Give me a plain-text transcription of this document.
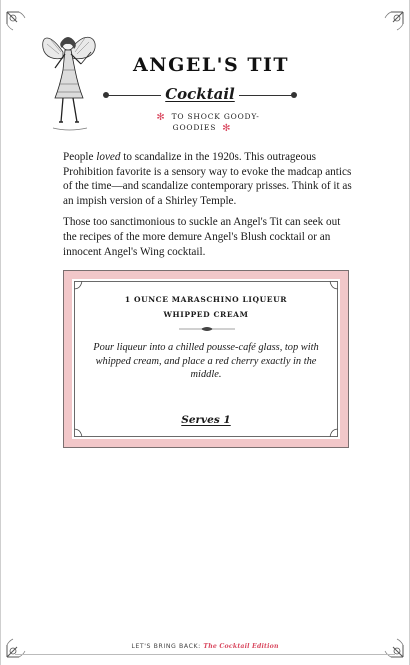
ANGEL'S TIT
Cocktail
✻ TO SHOCK GOODY-GOODIES ✻

People loved to scandalize in the 1920s. This outrageous Prohibition favorite is a sensory way to evoke the madcap antics of the time—and scandalize contemporary prisses. Think of it as an impish version of a Shirley Temple.

Those too sanctimonious to suckle an Angel's Tit can seek out the recipes of the more demure Angel's Blush cocktail or an innocent Angel's Wing cocktail.

1 OUNCE MARASCHINO LIQUEUR
WHIPPED CREAM
Pour liqueur into a chilled pousse-café glass, top with whipped cream, and place a red cherry exactly in the middle.
Serves 1
LET'S BRING BACK: The Cocktail Edition
